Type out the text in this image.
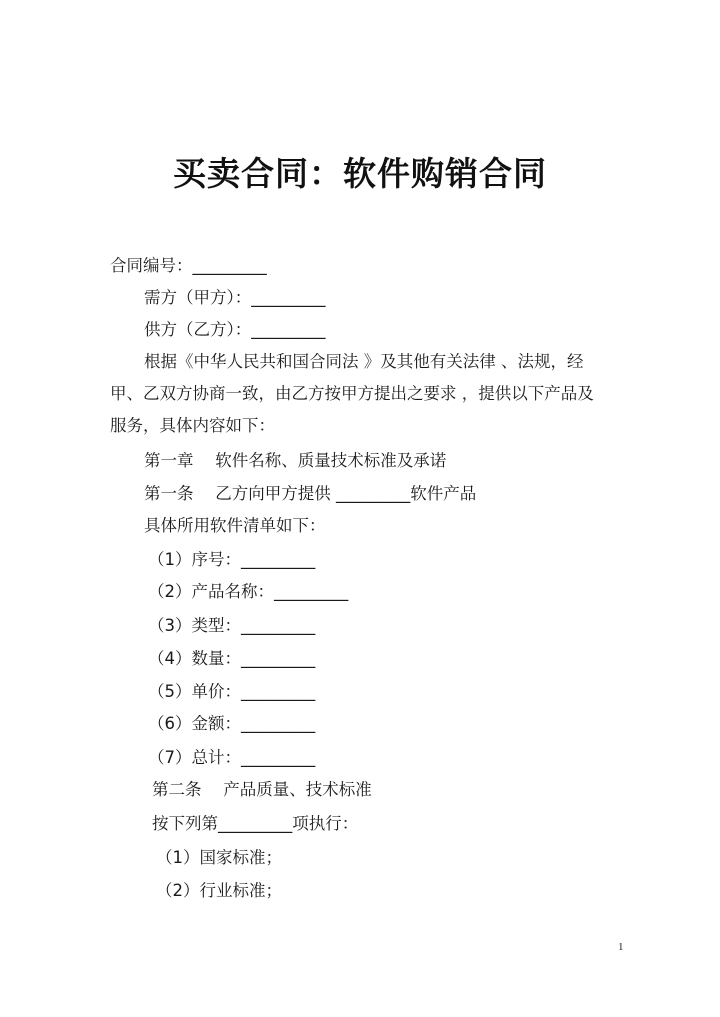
买卖合同：软件购销合同
合同编号：_________
需方（甲方）：_________
供方（乙方）：_________
根据《中华人民共和国合同法 》及其他有关法律 、法规，经
甲、乙双方协商一致，由乙方按甲方提出之要求 ，提供以下产品及
服务，具体内容如下：
第一章　 软件名称、质量技术标准及承诺
第一条　 乙方向甲方提供 _________软件产品
具体所用软件清单如下：
（1）序号：_________
（2）产品名称：_________
（3）类型：_________
（4）数量：_________
（5）单价：_________
（6）金额：_________
（7）总计：_________
第二条　 产品质量、技术标准
按下列第_________项执行：
（1）国家标准；
（2）行业标准；
1
